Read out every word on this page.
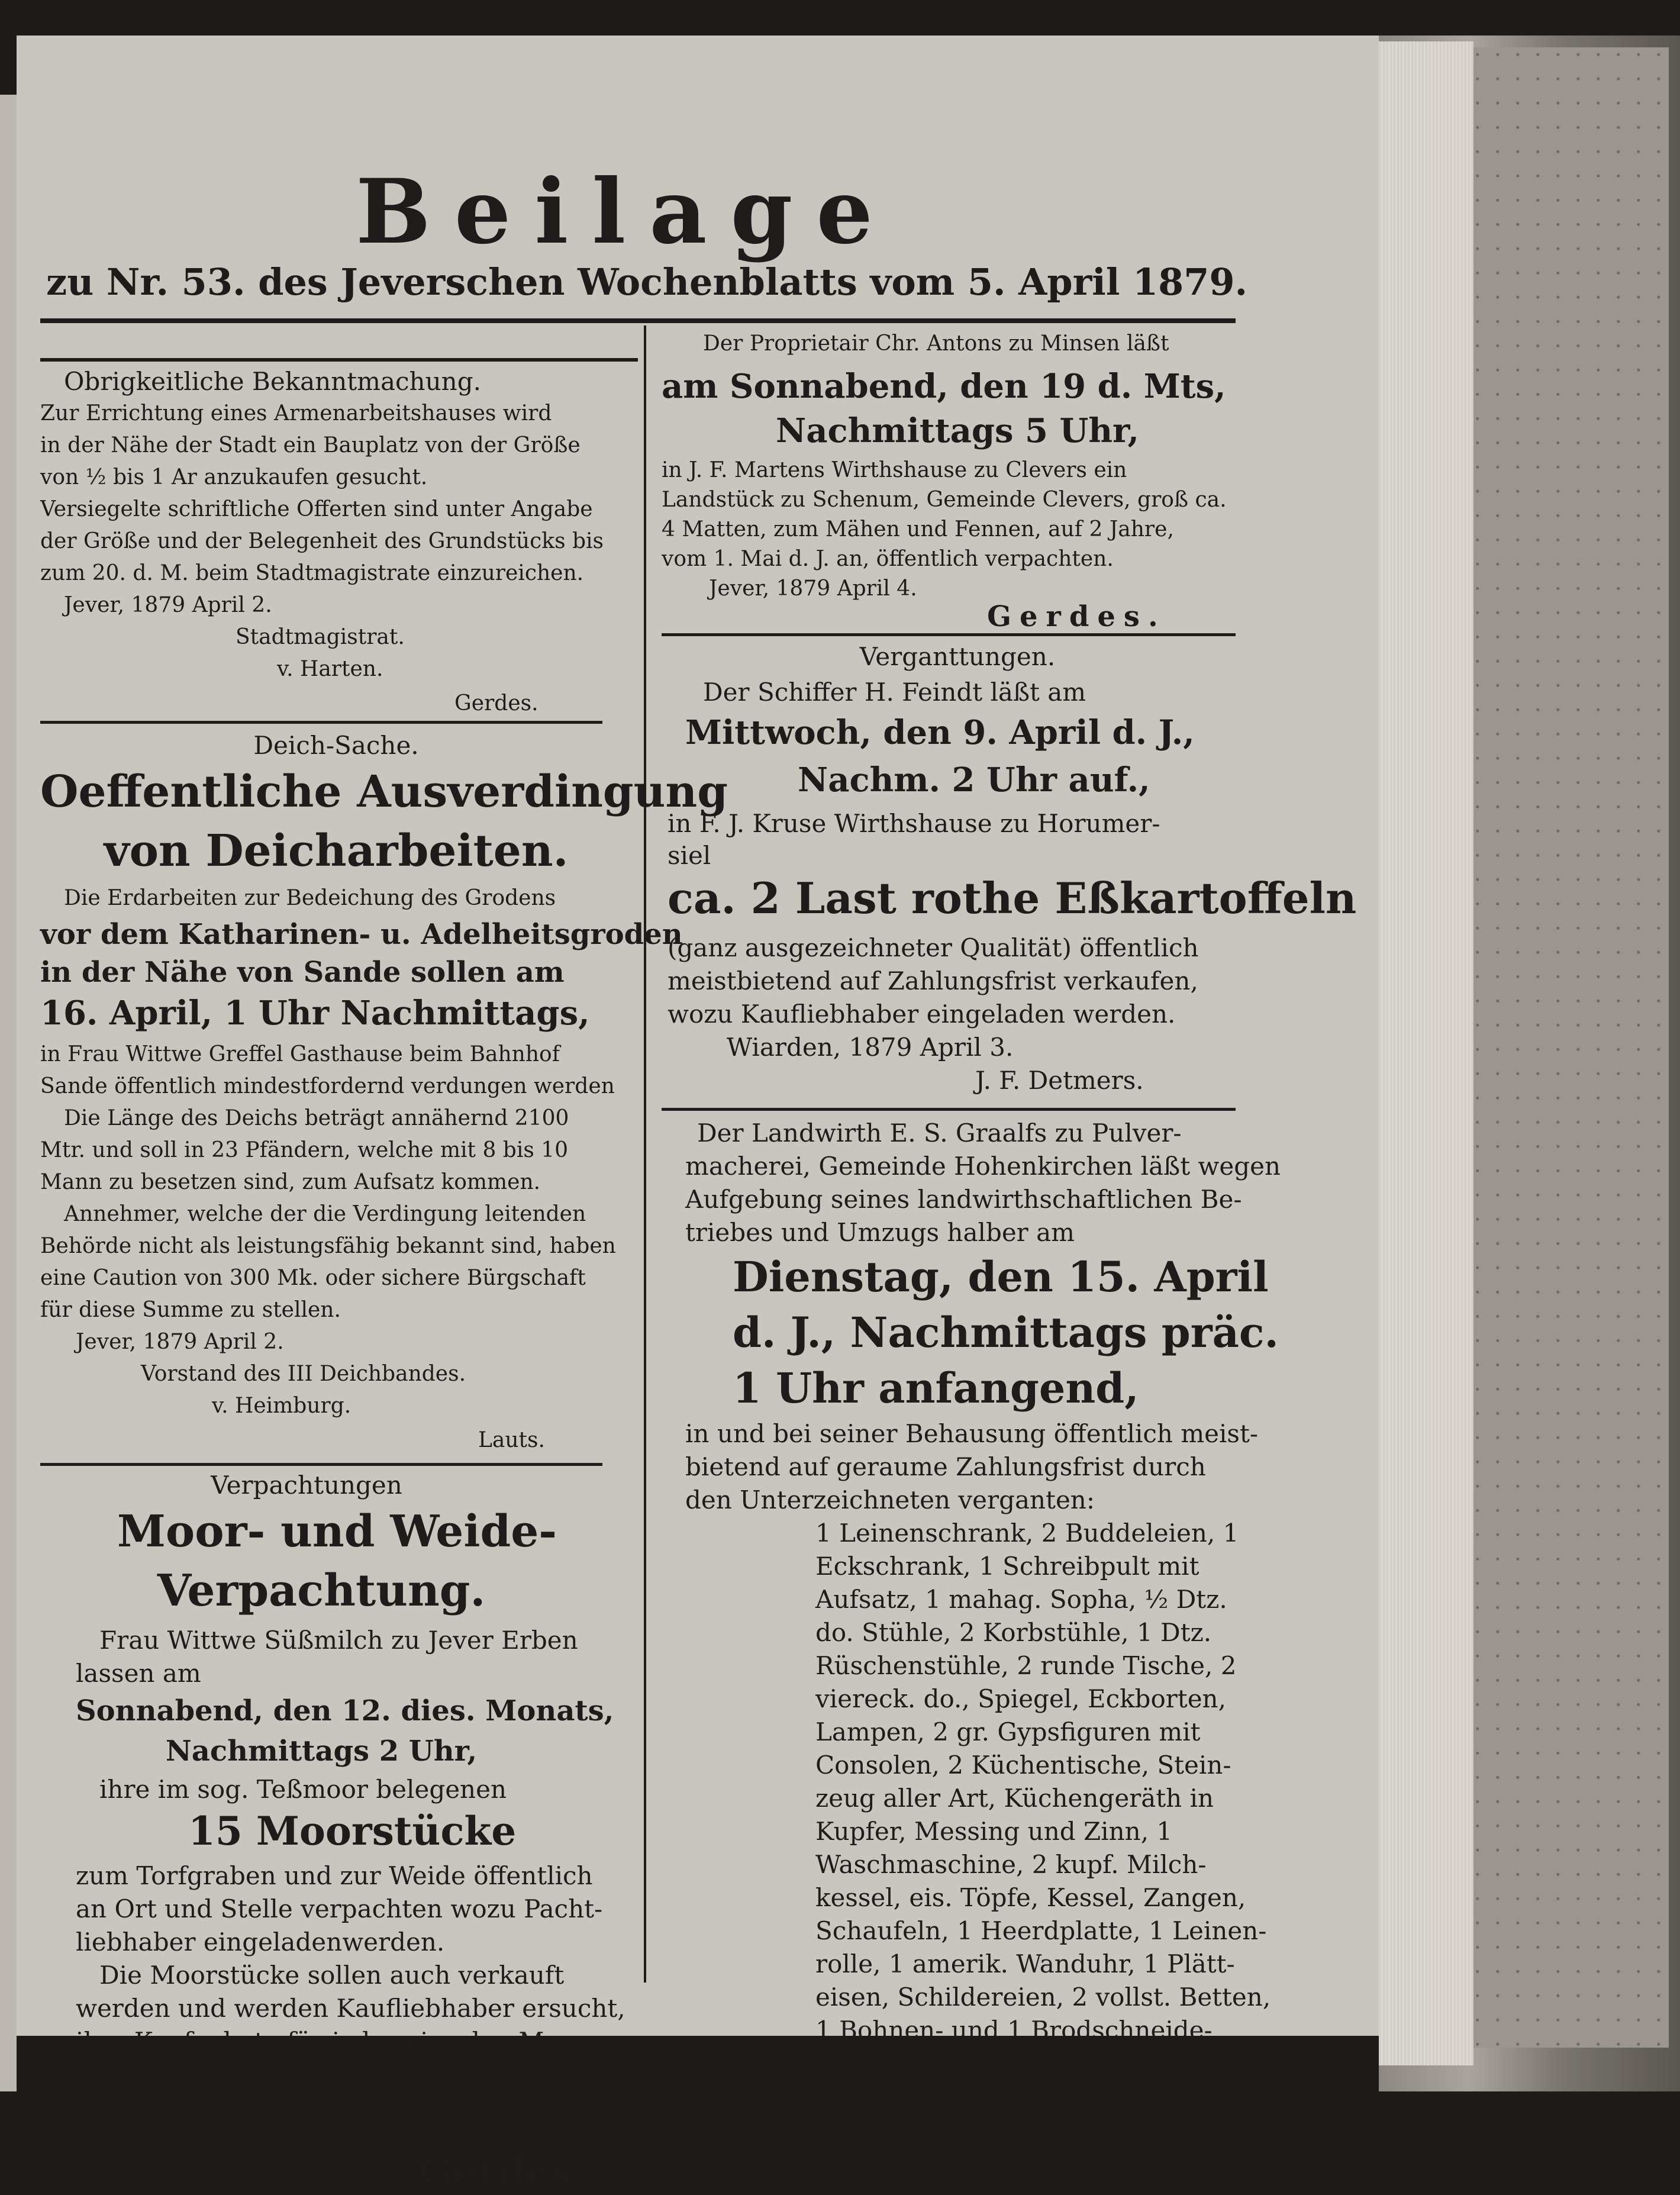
Beilage
zu Nr. 53. des Jeverschen Wochenblatts vom 5. April 1879.
Obrigkeitliche Bekanntmachung.
Zur Errichtung eines Armenarbeitshauses wird
in der Nähe der Stadt ein Bauplatz von der Größe
von ½ bis 1 Ar anzukaufen gesucht.
Versiegelte schriftliche Offerten sind unter Angabe
der Größe und der Belegenheit des Grundstücks bis
zum 20. d. M. beim Stadtmagistrate einzureichen.
Jever, 1879 April 2.
Stadtmagistrat.
v. Harten.
Gerdes.
Deich-Sache.
Oeffentliche Ausverdingung
von Deicharbeiten.
Die Erdarbeiten zur Bedeichung des Grodens
vor dem Katharinen- u. Adelheitsgroden
in der Nähe von Sande sollen am
16. April, 1 Uhr Nachmittags,
in Frau Wittwe Greffel Gasthause beim Bahnhof
Sande öffentlich mindestfordernd verdungen werden
Die Länge des Deichs beträgt annähernd 2100
Mtr. und soll in 23 Pfändern, welche mit 8 bis 10
Mann zu besetzen sind, zum Aufsatz kommen.
Annehmer, welche der die Verdingung leitenden
Behörde nicht als leistungsfähig bekannt sind, haben
eine Caution von 300 Mk. oder sichere Bürgschaft
für diese Summe zu stellen.
Jever, 1879 April 2.
Vorstand des III Deichbandes.
v. Heimburg.
Lauts.
Verpachtungen
Moor- und Weide-
Verpachtung.
Frau Wittwe Süßmilch zu Jever Erben
lassen am
Sonnabend, den 12. dies. Monats,
Nachmittags 2 Uhr,
ihre im sog. Teßmoor belegenen
15 Moorstücke
zum Torfgraben und zur Weide öffentlich
an Ort und Stelle verpachten wozu Pacht-
liebhaber eingeladenwerden.
Die Moorstücke sollen auch verkauft
werden und werden Kaufliebhaber ersucht,
ihre Kaufgebote für jedes einzelne Moor-
stück schriftlich und versiegelt bis zum 30.
d. M. an den Unterzeichneten abzugeben.
Jever, 1879 April 2.
Gerdes.
Der Proprietair Chr. Antons zu Minsen läßt
am Sonnabend, den 19 d. Mts,
Nachmittags 5 Uhr,
in J. F. Martens Wirthshause zu Clevers ein
Landstück zu Schenum, Gemeinde Clevers, groß ca.
4 Matten, zum Mähen und Fennen, auf 2 Jahre,
vom 1. Mai d. J. an, öffentlich verpachten.
Jever, 1879 April 4.
Gerdes.
Verganttungen.
Der Schiffer H. Feindt läßt am
Mittwoch, den 9. April d. J.,
Nachm. 2 Uhr auf.,
in F. J. Kruse Wirthshause zu Horumer-
siel
ca. 2 Last rothe Eßkartoffeln
(ganz ausgezeichneter Qualität) öffentlich
meistbietend auf Zahlungsfrist verkaufen,
wozu Kaufliebhaber eingeladen werden.
Wiarden, 1879 April 3.
J. F. Detmers.
Der Landwirth E. S. Graalfs zu Pulver-
macherei, Gemeinde Hohenkirchen läßt wegen
Aufgebung seines landwirthschaftlichen Be-
triebes und Umzugs halber am
Dienstag, den 15. April
d. J., Nachmittags präc.
1 Uhr anfangend,
in und bei seiner Behausung öffentlich meist-
bietend auf geraume Zahlungsfrist durch
den Unterzeichneten verganten:
1 Leinenschrank, 2 Buddeleien, 1
Eckschrank, 1 Schreibpult mit
Aufsatz, 1 mahag. Sopha, ½ Dtz.
do. Stühle, 2 Korbstühle, 1 Dtz.
Rüschenstühle, 2 runde Tische, 2
viereck. do., Spiegel, Eckborten,
Lampen, 2 gr. Gypsfiguren mit
Consolen, 2 Küchentische, Stein-
zeug aller Art, Küchengeräth in
Kupfer, Messing und Zinn, 1
Waschmaschine, 2 kupf. Milch-
kessel, eis. Töpfe, Kessel, Zangen,
Schaufeln, 1 Heerdplatte, 1 Leinen-
rolle, 1 amerik. Wanduhr, 1 Plätt-
eisen, Schildereien, 2 vollst. Betten,
1 Bohnen- und 1 Brodschneide-
maschine, 2 Rahmfässer, einige
